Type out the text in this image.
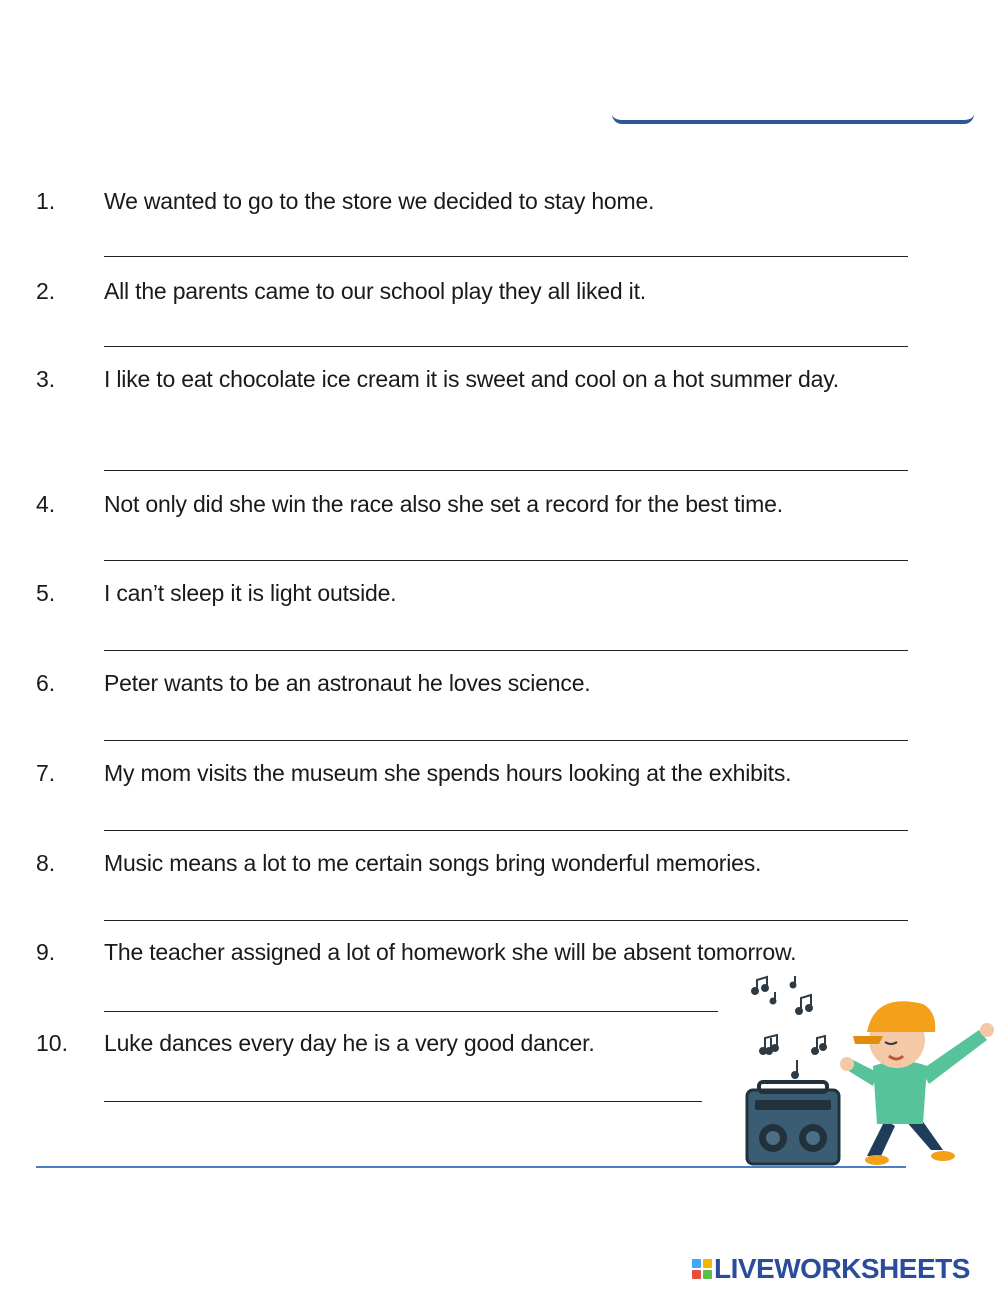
1. We wanted to go to the store we decided to stay home.
2. All the parents came to our school play they all liked it.
3. I like to eat chocolate ice cream it is sweet and cool on a hot summer day.
4. Not only did she win the race also she set a record for the best time.
5. I can’t sleep it is light outside.
6. Peter wants to be an astronaut he loves science.
7. My mom visits the museum she spends hours looking at the exhibits.
8. Music means a lot to me certain songs bring wonderful memories.
9. The teacher assigned a lot of homework she will be absent tomorrow.
10. Luke dances every day he is a very good dancer.
LIVEWORKSHEETS
